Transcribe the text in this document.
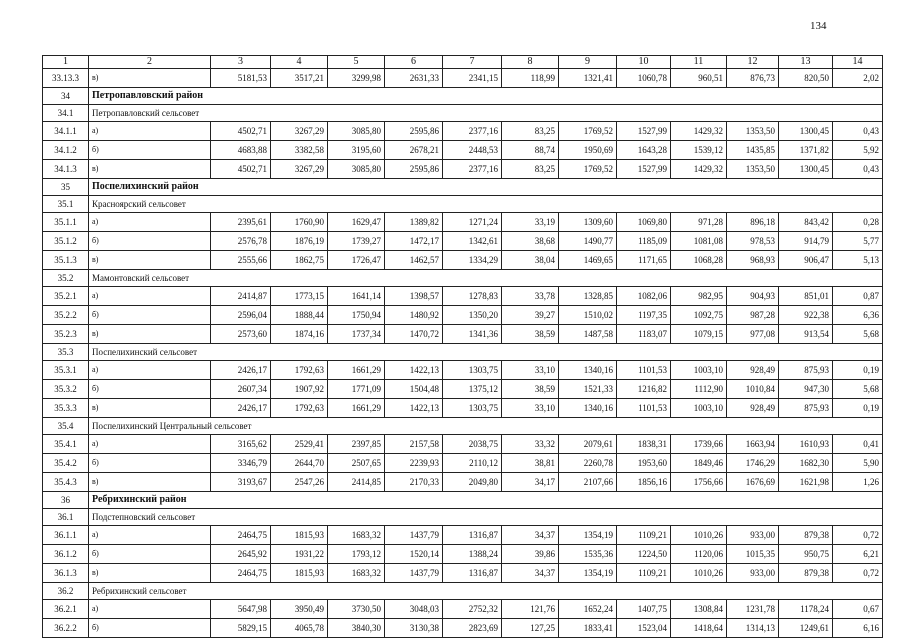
134
1	2	3	4	5	6	7	8	9	10	11	12	13	14
33.13.3	в)	5181,53	3517,21	3299,98	2631,33	2341,15	118,99	1321,41	1060,78	960,51	876,73	820,50	2,02
34	Петропавловский район												
34.1	Петропавловский сельсовет												
34.1.1	а)	4502,71	3267,29	3085,80	2595,86	2377,16	83,25	1769,52	1527,99	1429,32	1353,50	1300,45	0,43
34.1.2	б)	4683,88	3382,58	3195,60	2678,21	2448,53	88,74	1950,69	1643,28	1539,12	1435,85	1371,82	5,92
34.1.3	в)	4502,71	3267,29	3085,80	2595,86	2377,16	83,25	1769,52	1527,99	1429,32	1353,50	1300,45	0,43
35	Поспелихинский район												
35.1	Красноярский сельсовет												
35.1.1	а)	2395,61	1760,90	1629,47	1389,82	1271,24	33,19	1309,60	1069,80	971,28	896,18	843,42	0,28
35.1.2	б)	2576,78	1876,19	1739,27	1472,17	1342,61	38,68	1490,77	1185,09	1081,08	978,53	914,79	5,77
35.1.3	в)	2555,66	1862,75	1726,47	1462,57	1334,29	38,04	1469,65	1171,65	1068,28	968,93	906,47	5,13
35.2	Мамонтовский сельсовет												
35.2.1	а)	2414,87	1773,15	1641,14	1398,57	1278,83	33,78	1328,85	1082,06	982,95	904,93	851,01	0,87
35.2.2	б)	2596,04	1888,44	1750,94	1480,92	1350,20	39,27	1510,02	1197,35	1092,75	987,28	922,38	6,36
35.2.3	в)	2573,60	1874,16	1737,34	1470,72	1341,36	38,59	1487,58	1183,07	1079,15	977,08	913,54	5,68
35.3	Поспелихинский сельсовет												
35.3.1	а)	2426,17	1792,63	1661,29	1422,13	1303,75	33,10	1340,16	1101,53	1003,10	928,49	875,93	0,19
35.3.2	б)	2607,34	1907,92	1771,09	1504,48	1375,12	38,59	1521,33	1216,82	1112,90	1010,84	947,30	5,68
35.3.3	в)	2426,17	1792,63	1661,29	1422,13	1303,75	33,10	1340,16	1101,53	1003,10	928,49	875,93	0,19
35.4	Поспелихинский Центральный сельсовет												
35.4.1	а)	3165,62	2529,41	2397,85	2157,58	2038,75	33,32	2079,61	1838,31	1739,66	1663,94	1610,93	0,41
35.4.2	б)	3346,79	2644,70	2507,65	2239,93	2110,12	38,81	2260,78	1953,60	1849,46	1746,29	1682,30	5,90
35.4.3	в)	3193,67	2547,26	2414,85	2170,33	2049,80	34,17	2107,66	1856,16	1756,66	1676,69	1621,98	1,26
36	Ребрихинский район												
36.1	Подстепновский сельсовет												
36.1.1	а)	2464,75	1815,93	1683,32	1437,79	1316,87	34,37	1354,19	1109,21	1010,26	933,00	879,38	0,72
36.1.2	б)	2645,92	1931,22	1793,12	1520,14	1388,24	39,86	1535,36	1224,50	1120,06	1015,35	950,75	6,21
36.1.3	в)	2464,75	1815,93	1683,32	1437,79	1316,87	34,37	1354,19	1109,21	1010,26	933,00	879,38	0,72
36.2	Ребрихинский сельсовет												
36.2.1	а)	5647,98	3950,49	3730,50	3048,03	2752,32	121,76	1652,24	1407,75	1308,84	1231,78	1178,24	0,67
36.2.2	б)	5829,15	4065,78	3840,30	3130,38	2823,69	127,25	1833,41	1523,04	1418,64	1314,13	1249,61	6,16
